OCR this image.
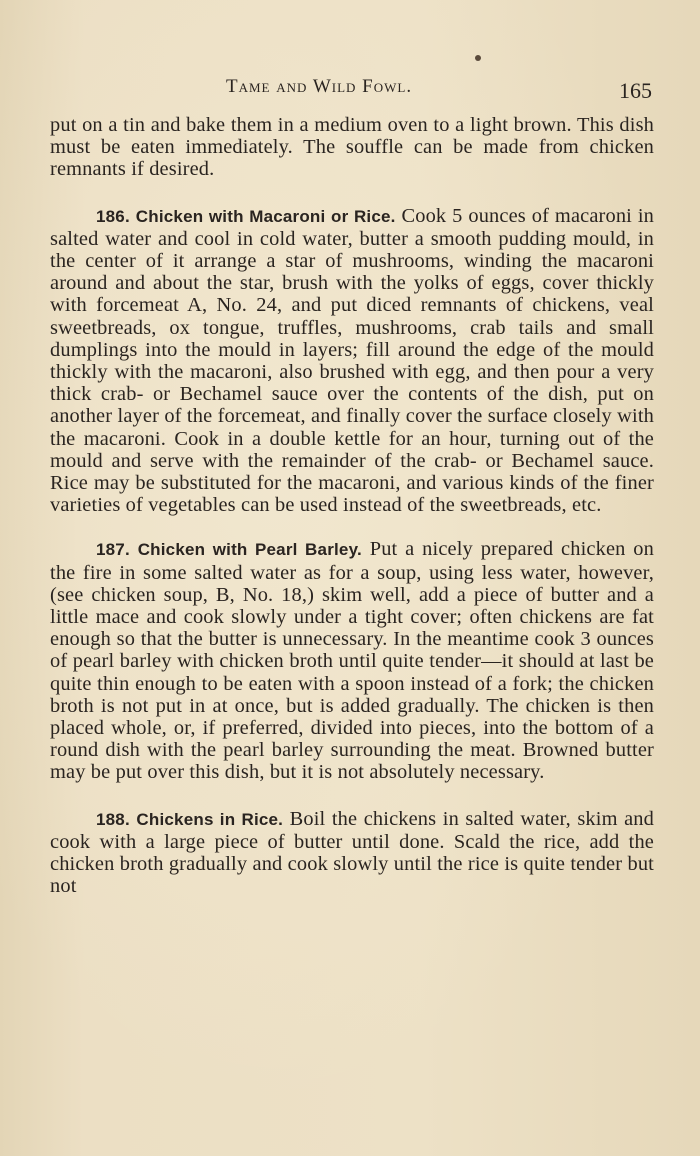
Tame and Wild Fowl.	165

put on a tin and bake them in a medium oven to a light brown. This dish must be eaten immediately. The souffle can be made from chicken remnants if desired.

186. Chicken with Macaroni or Rice. Cook 5 ounces of macaroni in salted water and cool in cold water, butter a smooth pudding mould, in the center of it arrange a star of mushrooms, winding the macaroni around and about the star, brush with the yolks of eggs, cover thickly with forcemeat A, No. 24, and put diced remnants of chickens, veal sweetbreads, ox tongue, truffles, mushrooms, crab tails and small dumplings into the mould in layers; fill around the edge of the mould thickly with the macaroni, also brushed with egg, and then pour a very thick crab- or Bechamel sauce over the contents of the dish, put on another layer of the forcemeat, and finally cover the surface closely with the macaroni. Cook in a double kettle for an hour, turning out of the mould and serve with the remainder of the crab- or Bechamel sauce. Rice may be substituted for the macaroni, and various kinds of the finer varieties of vegetables can be used instead of the sweetbreads, etc.

187. Chicken with Pearl Barley. Put a nicely prepared chicken on the fire in some salted water as for a soup, using less water, however, (see chicken soup, B, No. 18,) skim well, add a piece of butter and a little mace and cook slowly under a tight cover; often chickens are fat enough so that the butter is unnecessary. In the meantime cook 3 ounces of pearl barley with chicken broth until quite tender—it should at last be quite thin enough to be eaten with a spoon instead of a fork; the chicken broth is not put in at once, but is added gradually. The chicken is then placed whole, or, if preferred, divided into pieces, into the bottom of a round dish with the pearl barley surrounding the meat. Browned butter may be put over this dish, but it is not absolutely necessary.

188. Chickens in Rice. Boil the chickens in salted water, skim and cook with a large piece of butter until done. Scald the rice, add the chicken broth gradually and cook slowly until the rice is quite tender but not
